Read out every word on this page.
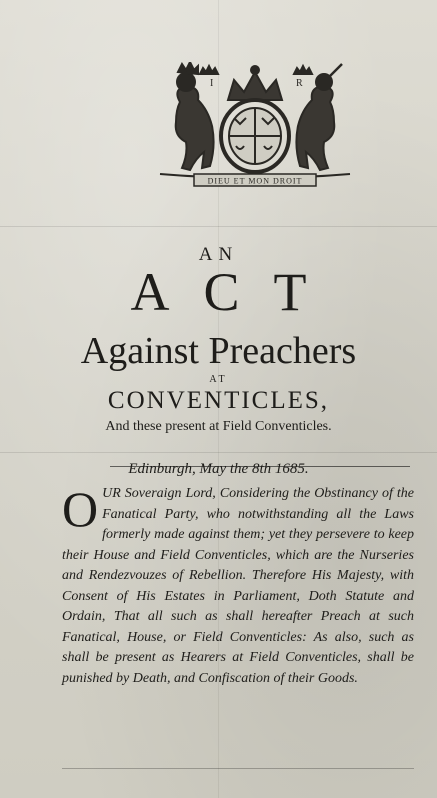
I	R
DIEU ET MON DROIT
AN
ACT
Against Preachers
AT
CONVENTICLES,
And these present at Field Conventicles.
Edinburgh, May the 8th 1685.
OUR Soveraign Lord, Considering the Obstinancy of the Fanatical Party, who notwithstanding all the Laws formerly made against them; yet they persevere to keep their House and Field Conventicles, which are the Nurseries and Rendezvouzes of Rebellion. Therefore His Majesty, with Consent of His Estates in Parliament, Doth Statute and Ordain, That all such as shall hereafter Preach at such Fanatical, House, or Field Conventicles: As also, such as shall be present as Hearers at Field Conventicles, shall be punished by Death, and Confiscation of their Goods.
